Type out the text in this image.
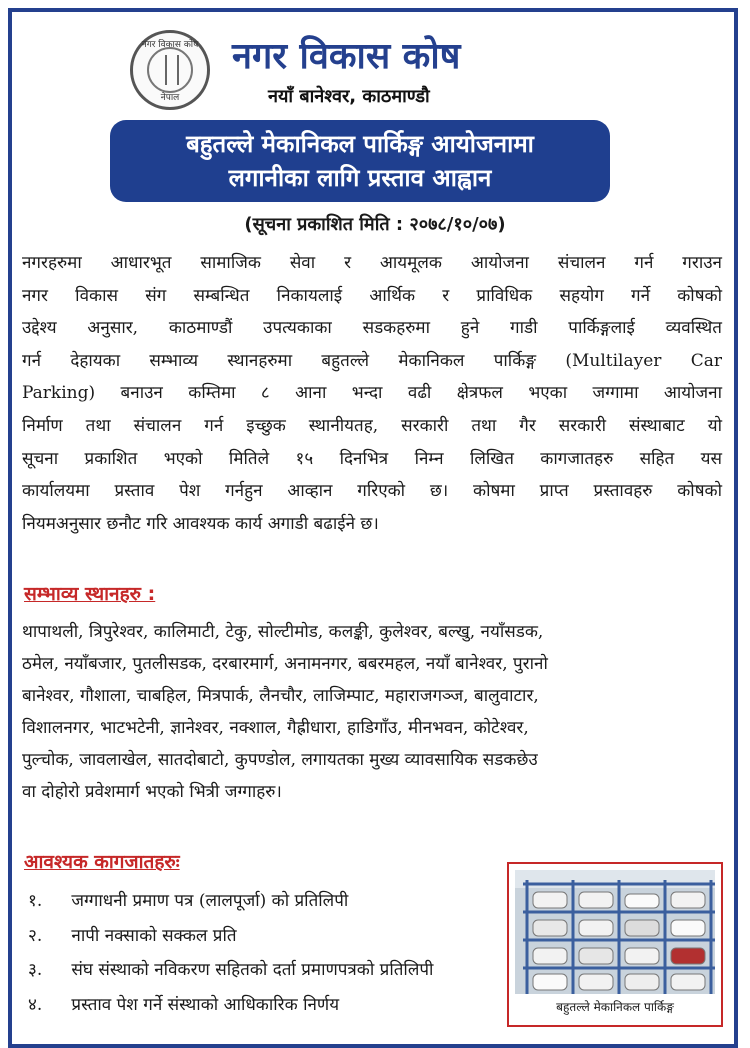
नगर विकास कोष
नेपाल
नगर विकास कोष
नयाँ बानेश्वर, काठमाण्डौ
बहुतल्ले मेकानिकल पार्किङ्ग आयोजनामा
लगानीका लागि प्रस्ताव आह्वान
(सूचना प्रकाशित मिति : २०७८/१०/०७)
नगरहरुमा आधारभूत सामाजिक सेवा र आयमूलक आयोजना संचालन गर्न गराउन
नगर विकास संग सम्बन्धित निकायलाई आर्थिक र प्राविधिक सहयोग गर्ने कोषको
उद्देश्य अनुसार, काठमाण्डौं उपत्यकाका सडकहरुमा हुने गाडी पार्किङ्गलाई व्यवस्थित
गर्न देहायका सम्भाव्य स्थानहरुमा बहुतल्ले मेकानिकल पार्किङ्ग (Multilayer Car
Parking) बनाउन कम्तिमा ८ आना भन्दा वढी क्षेत्रफल भएका जग्गामा आयोजना
निर्माण तथा संचालन गर्न इच्छुक स्थानीयतह, सरकारी तथा गैर सरकारी संस्थाबाट यो
सूचना प्रकाशित भएको मितिले १५ दिनभित्र निम्न लिखित कागजातहरु सहित यस
कार्यालयमा प्रस्ताव पेश गर्नहुन आव्हान गरिएको छ। कोषमा प्राप्त प्रस्तावहरु कोषको
नियमअनुसार छनौट गरि आवश्यक कार्य अगाडी बढाईने छ।
सम्भाव्य स्थानहरु :
थापाथली, त्रिपुरेश्वर, कालिमाटी, टेकु, सोल्टीमोड, कलङ्की, कुलेश्वर, बल्खु, नयाँसडक,
ठमेल, नयाँबजार, पुतलीसडक, दरबारमार्ग, अनामनगर, बबरमहल, नयाँ बानेश्वर, पुरानो
बानेश्वर, गौशाला, चाबहिल, मित्रपार्क, लैनचौर, लाजिम्पाट, महाराजगञ्ज, बालुवाटार,
विशालनगर, भाटभटेनी, ज्ञानेश्वर, नक्शाल, गैह्रीधारा, हाडिगाँउ, मीनभवन, कोटेश्वर,
पुल्चोक, जावलाखेल, सातदोबाटो, कुपण्डोल, लगायतका मुख्य व्यावसायिक सडकछेउ
वा दोहोरो प्रवेशमार्ग भएको भित्री जग्गाहरु।
आवश्यक कागजातहरुः
१. जग्गाधनी प्रमाण पत्र (लालपूर्जा) को प्रतिलिपी
२. नापी नक्साको सक्कल प्रति
३. संघ संस्थाको नविकरण सहितको दर्ता प्रमाणपत्रको प्रतिलिपी
४. प्रस्ताव पेश गर्ने संस्थाको आधिकारिक निर्णय	बहुतल्ले मेकानिकल पार्किङ्ग
